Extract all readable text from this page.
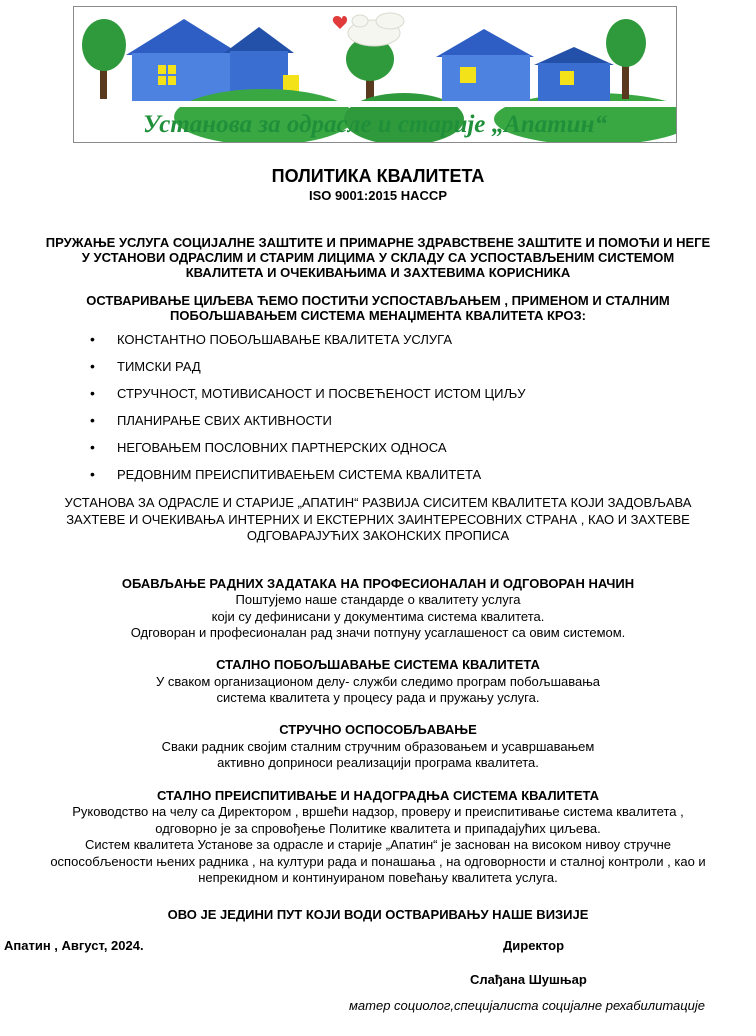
Установа за одрасле и старије „Апатин“
ПОЛИТИКА КВАЛИТЕТА
ISO 9001:2015 HACCP
ПРУЖАЊЕ УСЛУГА СОЦИЈАЛНЕ ЗАШТИТЕ И ПРИМАРНЕ ЗДРАВСТВЕНЕ ЗАШТИТЕ И ПОМОЋИ И НЕГЕ
У УСТАНОВИ ОДРАСЛИМ И СТАРИМ ЛИЦИМА У СКЛАДУ СА УСПОСТАВЉЕНИМ СИСТЕМОМ
КВАЛИТЕТА И ОЧЕКИВАЊИМА И ЗАХТЕВИМА КОРИСНИКА
ОСТВАРИВАЊЕ ЦИЉЕВА ЋЕМО ПОСТИЋИ УСПОСТАВЉАЊЕМ , ПРИМЕНОМ И СТАЛНИМ
ПОБОЉШАВАЊЕМ СИСТЕМА МЕНАЏМЕНТА КВАЛИТЕТА КРОЗ:
• КОНСТАНТНО ПОБОЉШАВАЊЕ КВАЛИТЕТА УСЛУГА
• ТИМСКИ РАД
• СТРУЧНОСТ, МОТИВИСАНОСТ И ПОСВЕЋЕНОСТ ИСТОМ ЦИЉУ
• ПЛАНИРАЊЕ СВИХ АКТИВНОСТИ
• НЕГОВАЊЕМ ПОСЛОВНИХ ПАРТНЕРСКИХ ОДНОСА
• РЕДОВНИМ ПРЕИСПИТИВАЕЊЕМ СИСТЕМА КВАЛИТЕТА
УСТАНОВА ЗА ОДРАСЛЕ И СТАРИЈЕ „АПАТИН“ РАЗВИЈА СИСИТЕМ КВАЛИТЕТА КОЈИ ЗАДОВЉАВА
ЗАХТЕВЕ И ОЧЕКИВАЊА ИНТЕРНИХ И ЕКСТЕРНИХ ЗАИНТЕРЕСОВНИХ СТРАНА , КАО И ЗАХТЕВЕ
ОДГОВАРАЈУЋИХ ЗАКОНСКИХ ПРОПИСА
ОБАВЉАЊЕ РАДНИХ ЗАДАТАКА НА ПРОФЕСИОНАЛАН И ОДГОВОРАН НАЧИН
Поштујемо наше стандарде о квалитету услуга
који су дефинисани у документима система квалитета.
Одговоран и професионалан рад значи потпуну усаглашеност са овим системом.
СТАЛНО ПОБОЉШАВАЊЕ СИСТЕМА КВАЛИТЕТА
У сваком организационом делу- служби следимо програм побољшавања
система квалитета у процесу рада и пружању услуга.
СТРУЧНО ОСПОСОБЉАВАЊЕ
Сваки радник својим сталним стручним образовањем и усавршавањем
активно доприноси реализацији програма квалитета.
СТАЛНО ПРЕИСПИТИВАЊЕ И НАДОГРАДЊА СИСТЕМА КВАЛИТЕТА
Руководство на челу са Директором , вршећи надзор, проверу и преиспитивање система квалитета ,
одговорно је за спровођење Политике квалитета и припадајућих циљева.
Систем квалитета Установе за одрасле и старије „Апатин“ је заснован на високом нивоу стручне
оспособљености њених радника , на култури рада и понашања , на одговорности и сталној контроли , као и
непрекидном и континуираном повећању квалитета услуга.
ОВО ЈЕ ЈЕДИНИ ПУТ КОЈИ ВОДИ ОСТВАРИВАЊУ НАШЕ ВИЗИЈЕ
Апатин , Август, 2024.	Директор
Слађана Шушњар
матер социолог,специјалиста социјалне рехабилитације
